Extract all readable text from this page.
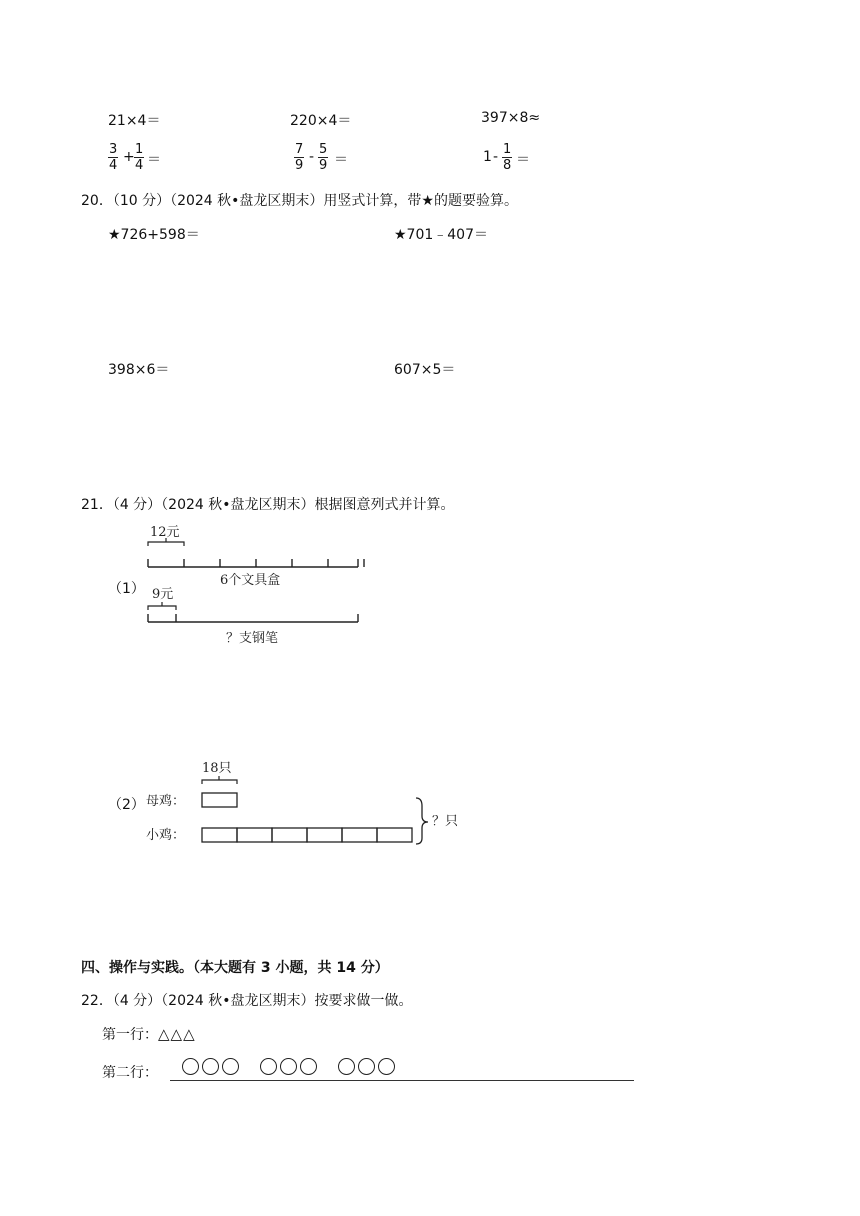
21×4＝	220×4＝	397×8≈
$\frac{3}{4} + \frac{1}{4}$ ＝	$\frac{7}{9} - \frac{5}{9}$ ＝	$1 - \frac{1}{8}$ ＝
20．（10 分）（2024 秋•盘龙区期末）用竖式计算，带★的题要验算。
★726+598＝	★701﹣407＝
398×6＝	607×5＝
21．（4 分）（2024 秋•盘龙区期末）根据图意列式并计算。
（1）
12元
6个文具盒
9元
？支钢笔
（2）
18只
母鸡：
小鸡：
？只
四、操作与实践。（本大题有 3 小题，共 14 分）
22．（4 分）（2024 秋•盘龙区期末）按要求做一做。
第一行：△△△
第二行：
